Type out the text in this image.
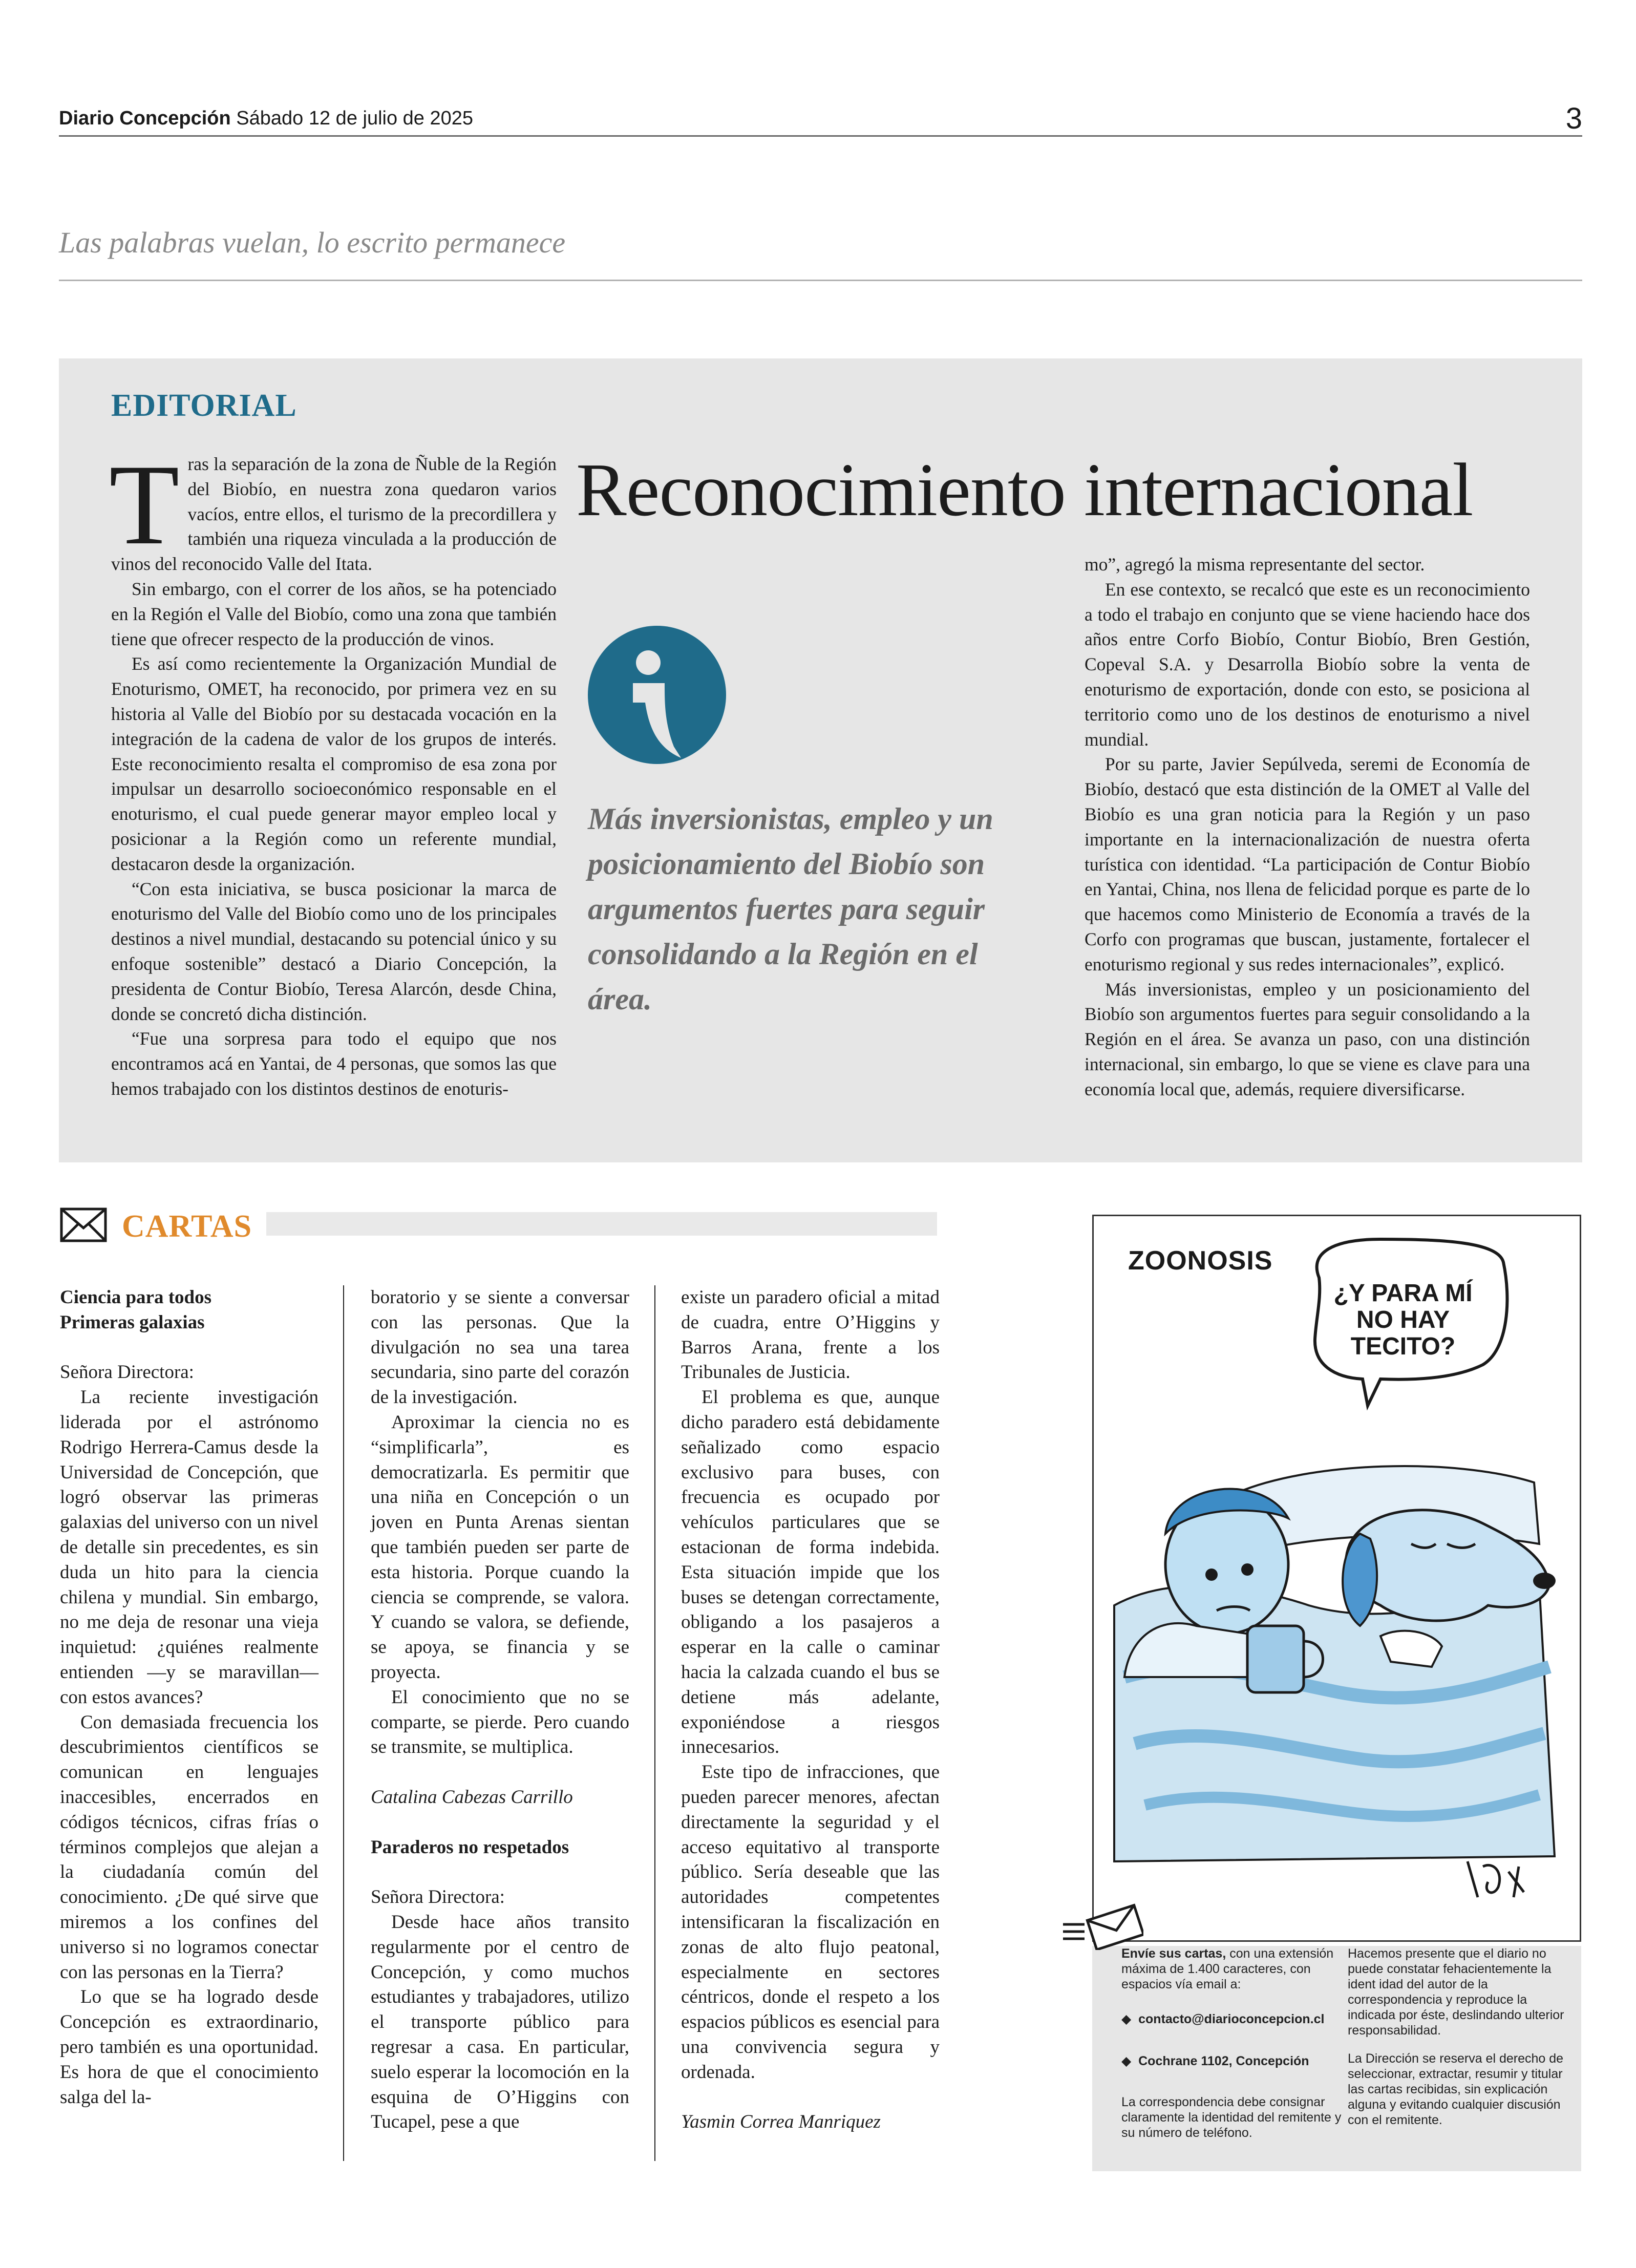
Diario Concepción Sábado 12 de julio de 2025	3
Las palabras vuelan, lo escrito permanece
EDITORIAL
Reconocimiento internacional

Tras la separación de la zona de Ñuble de la Región del Biobío, en nuestra zona quedaron varios vacíos, entre ellos, el turismo de la precordillera y también una riqueza vinculada a la producción de vinos del reconocido Valle del Itata.

Sin embargo, con el correr de los años, se ha potenciado en la Región el Valle del Biobío, como una zona que también tiene que ofrecer respecto de la producción de vinos.

Es así como recientemente la Organización Mundial de Enoturismo, OMET, ha reconocido, por primera vez en su historia al Valle del Biobío por su destacada vocación en la integración de la cadena de valor de los grupos de interés. Este reconocimiento resalta el compromiso de esa zona por impulsar un desarrollo socioeconómico responsable en el enoturismo, el cual puede generar mayor empleo local y posicionar a la Región como un referente mundial, destacaron desde la organización.

“Con esta iniciativa, se busca posicionar la marca de enoturismo del Valle del Biobío como uno de los principales destinos a nivel mundial, destacando su potencial único y su enfoque sostenible” destacó a Diario Concepción, la presidenta de Contur Biobío, Teresa Alarcón, desde China, donde se concretó dicha distinción.

“Fue una sorpresa para todo el equipo que nos encontramos acá en Yantai, de 4 personas, que somos las que hemos trabajado con los distintos destinos de enoturis-

Más inversionistas, empleo y un posicionamiento del Biobío son argumentos fuertes para seguir consolidando a la Región en el área.

mo”, agregó la misma representante del sector.

En ese contexto, se recalcó que este es un reconocimiento a todo el trabajo en conjunto que se viene haciendo hace dos años entre Corfo Biobío, Contur Biobío, Bren Gestión, Copeval S.A. y Desarrolla Biobío sobre la venta de enoturismo de exportación, donde con esto, se posiciona al territorio como uno de los destinos de enoturismo a nivel mundial.

Por su parte, Javier Sepúlveda, seremi de Economía de Biobío, destacó que esta distinción de la OMET al Valle del Biobío es una gran noticia para la Región y un paso importante en la internacionalización de nuestra oferta turística con identidad. “La participación de Contur Biobío en Yantai, China, nos llena de felicidad porque es parte de lo que hacemos como Ministerio de Economía a través de la Corfo con programas que buscan, justamente, fortalecer el enoturismo regional y sus redes internacionales”, explicó.

Más inversionistas, empleo y un posicionamiento del Biobío son argumentos fuertes para seguir consolidando a la Región en el área. Se avanza un paso, con una distinción internacional, sin embargo, lo que se viene es clave para una economía local que, además, requiere diversificarse.

CARTAS

Ciencia para todos

Primeras galaxias

Señora Directora:

La reciente investigación liderada por el astrónomo Rodrigo Herrera-Camus desde la Universidad de Concepción, que logró observar las primeras galaxias del universo con un nivel de detalle sin precedentes, es sin duda un hito para la ciencia chilena y mundial. Sin embargo, no me deja de resonar una vieja inquietud: ¿quiénes realmente entienden —y se maravillan— con estos avances?

Con demasiada frecuencia los descubrimientos científicos se comunican en lenguajes inaccesibles, encerrados en códigos técnicos, cifras frías o términos complejos que alejan a la ciudadanía común del conocimiento. ¿De qué sirve que miremos a los confines del universo si no logramos conectar con las personas en la Tierra?

Lo que se ha logrado desde Concepción es extraordinario, pero también es una oportunidad. Es hora de que el conocimiento salga del la-

boratorio y se siente a conversar con las personas. Que la divulgación no sea una tarea secundaria, sino parte del corazón de la investigación.

Aproximar la ciencia no es “simplificarla”, es democratizarla. Es permitir que una niña en Concepción o un joven en Punta Arenas sientan que también pueden ser parte de esta historia. Porque cuando la ciencia se comprende, se valora. Y cuando se valora, se defiende, se apoya, se financia y se proyecta.

El conocimiento que no se comparte, se pierde. Pero cuando se transmite, se multiplica.

Catalina Cabezas Carrillo

Paraderos no respetados

Señora Directora:

Desde hace años transito regularmente por el centro de Concepción, y como muchos estudiantes y trabajadores, utilizo el transporte público para regresar a casa. En particular, suelo esperar la locomoción en la esquina de O’Higgins con Tucapel, pese a que

existe un paradero oficial a mitad de cuadra, entre O’Higgins y Barros Arana, frente a los Tribunales de Justicia.

El problema es que, aunque dicho paradero está debidamente señalizado como espacio exclusivo para buses, con frecuencia es ocupado por vehículos particulares que se estacionan de forma indebida. Esta situación impide que los buses se detengan correctamente, obligando a los pasajeros a esperar en la calle o caminar hacia la calzada cuando el bus se detiene más adelante, exponiéndose a riesgos innecesarios.

Este tipo de infracciones, que pueden parecer menores, afectan directamente la seguridad y el acceso equitativo al transporte público. Sería deseable que las autoridades competentes intensificaran la fiscalización en zonas de alto flujo peatonal, especialmente en sectores céntricos, donde el respeto a los espacios públicos es esencial para una convivencia segura y ordenada.

Yasmin Correa Manriquez

ZOONOSIS
¿Y PARA MÍ NO HAY TECITO?
Envíe sus cartas, con una extensión máxima de 1.400 caracteres, con espacios vía email a:
◆  contacto@diarioconcepcion.cl
◆  Cochrane 1102, Concepción
La correspondencia debe consignar claramente la identidad del remitente y su número de teléfono.
Hacemos presente que el diario no puede constatar fehacientemente la ident idad del autor de la correspondencia y reproduce la indicada por éste, deslindando ulterior responsabilidad.
La Dirección se reserva el derecho de seleccionar, extractar, resumir y titular las cartas recibidas, sin explicación alguna y evitando cualquier discusión con el remitente.
